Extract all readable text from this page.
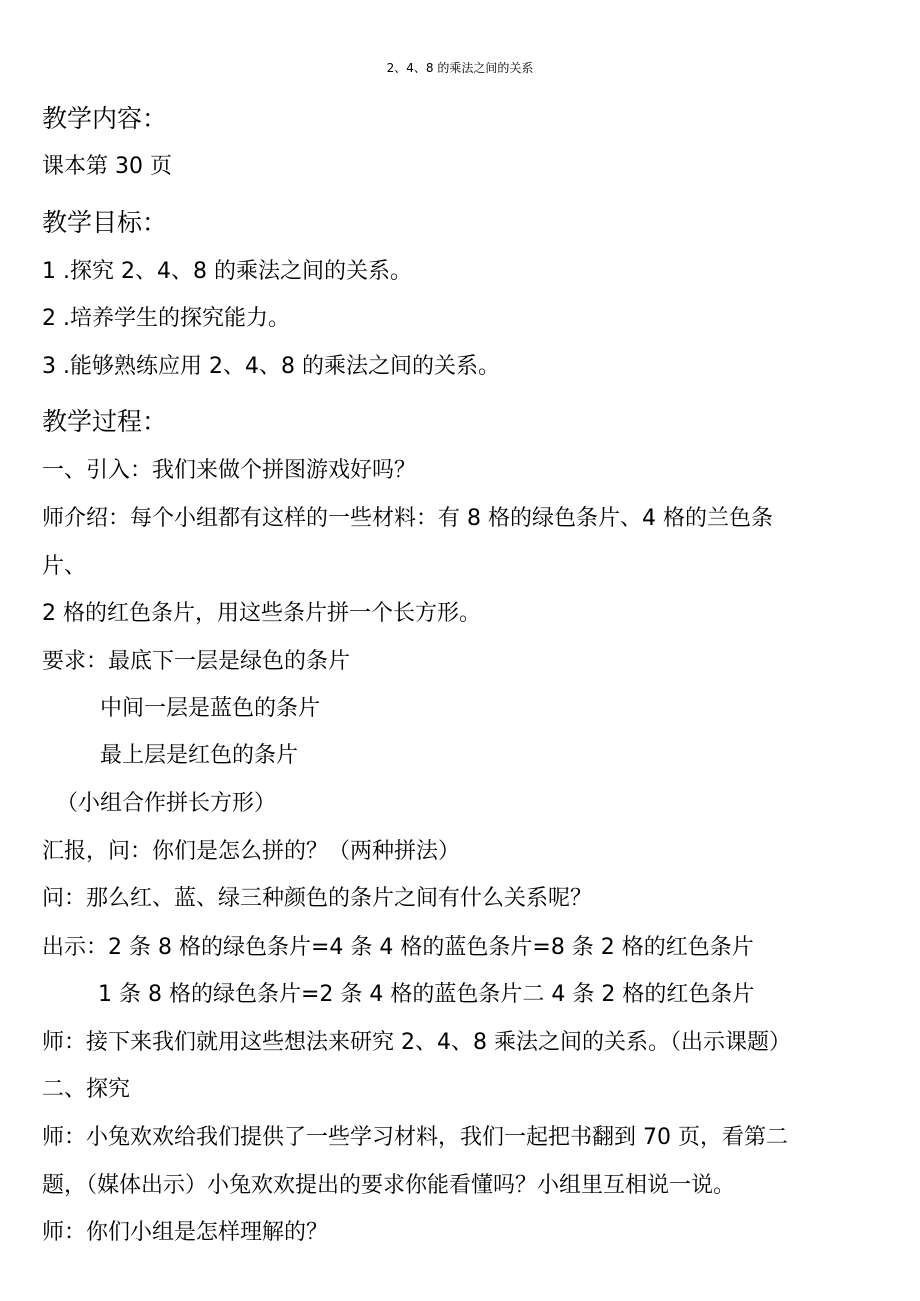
2、4、8 的乘法之间的关系
教学内容：
课本第 30 页
教学目标：
1 .探究 2、4、8 的乘法之间的关系。
2 .培养学生的探究能力。
3 .能够熟练应用 2、4、8 的乘法之间的关系。
教学过程：
一、引入：我们来做个拼图游戏好吗？
师介绍：每个小组都有这样的一些材料：有 8 格的绿色条片、4 格的兰色条
片、
2 格的红色条片，用这些条片拼一个长方形。
要求：最底下一层是绿色的条片
中间一层是蓝色的条片
最上层是红色的条片
（小组合作拼长方形）
汇报，问：你们是怎么拼的？（两种拼法）
问：那么红、蓝、绿三种颜色的条片之间有什么关系呢？
出示：2 条 8 格的绿色条片=4 条 4 格的蓝色条片=8 条 2 格的红色条片
1 条 8 格的绿色条片=2 条 4 格的蓝色条片二 4 条 2 格的红色条片
师：接下来我们就用这些想法来研究 2、4、8 乘法之间的关系。（出示课题）
二、探究
师：小兔欢欢给我们提供了一些学习材料，我们一起把书翻到 70 页，看第二
题，（媒体出示）小兔欢欢提出的要求你能看懂吗？小组里互相说一说。
师：你们小组是怎样理解的？
